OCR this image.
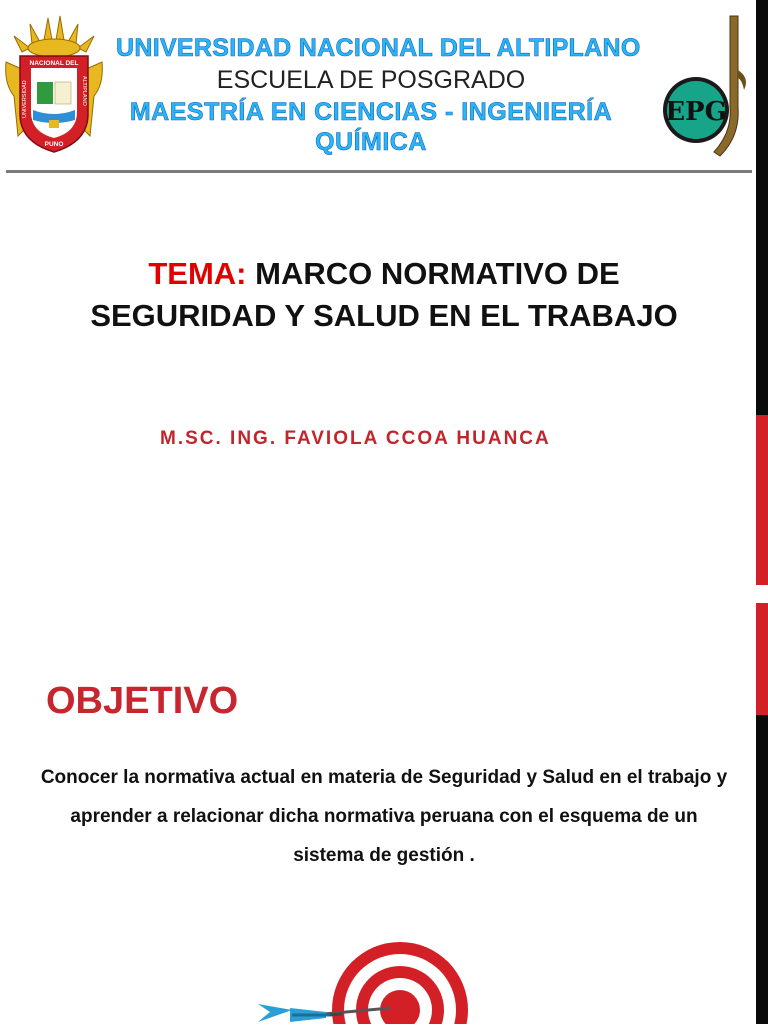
NACIONAL DEL
UNIVERSIDAD	ALTIPLANO
PUNO
UNIVERSIDAD NACIONAL DEL ALTIPLANO
ESCUELA DE POSGRADO
MAESTRÍA EN CIENCIAS - INGENIERÍA QUÍMICA
EPG
TEMA: MARCO NORMATIVO DE SEGURIDAD Y SALUD EN EL TRABAJO
M.SC. ING. FAVIOLA CCOA HUANCA
OBJETIVO
Conocer la normativa actual en materia de Seguridad y Salud en el trabajo y aprender a relacionar dicha normativa peruana con el esquema de un sistema de gestión .
